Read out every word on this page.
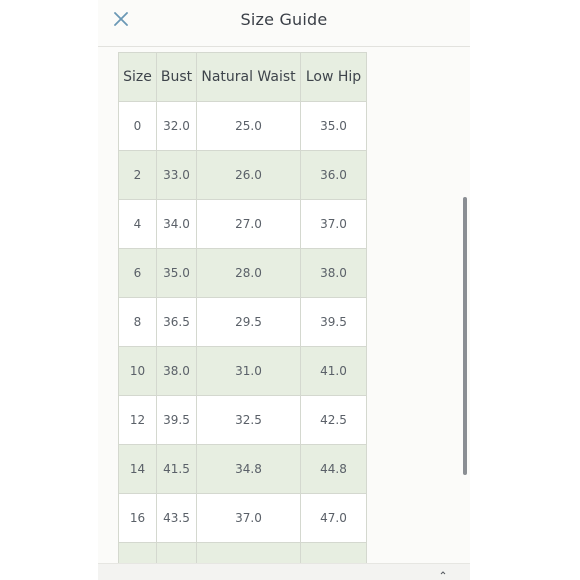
Size Guide
Size	Bust	Natural Waist	Low Hip
0	32.0	25.0	35.0
2	33.0	26.0	36.0
4	34.0	27.0	37.0
6	35.0	28.0	38.0
8	36.5	29.5	39.5
10	38.0	31.0	41.0
12	39.5	32.5	42.5
14	41.5	34.8	44.8
16	43.5	37.0	47.0
